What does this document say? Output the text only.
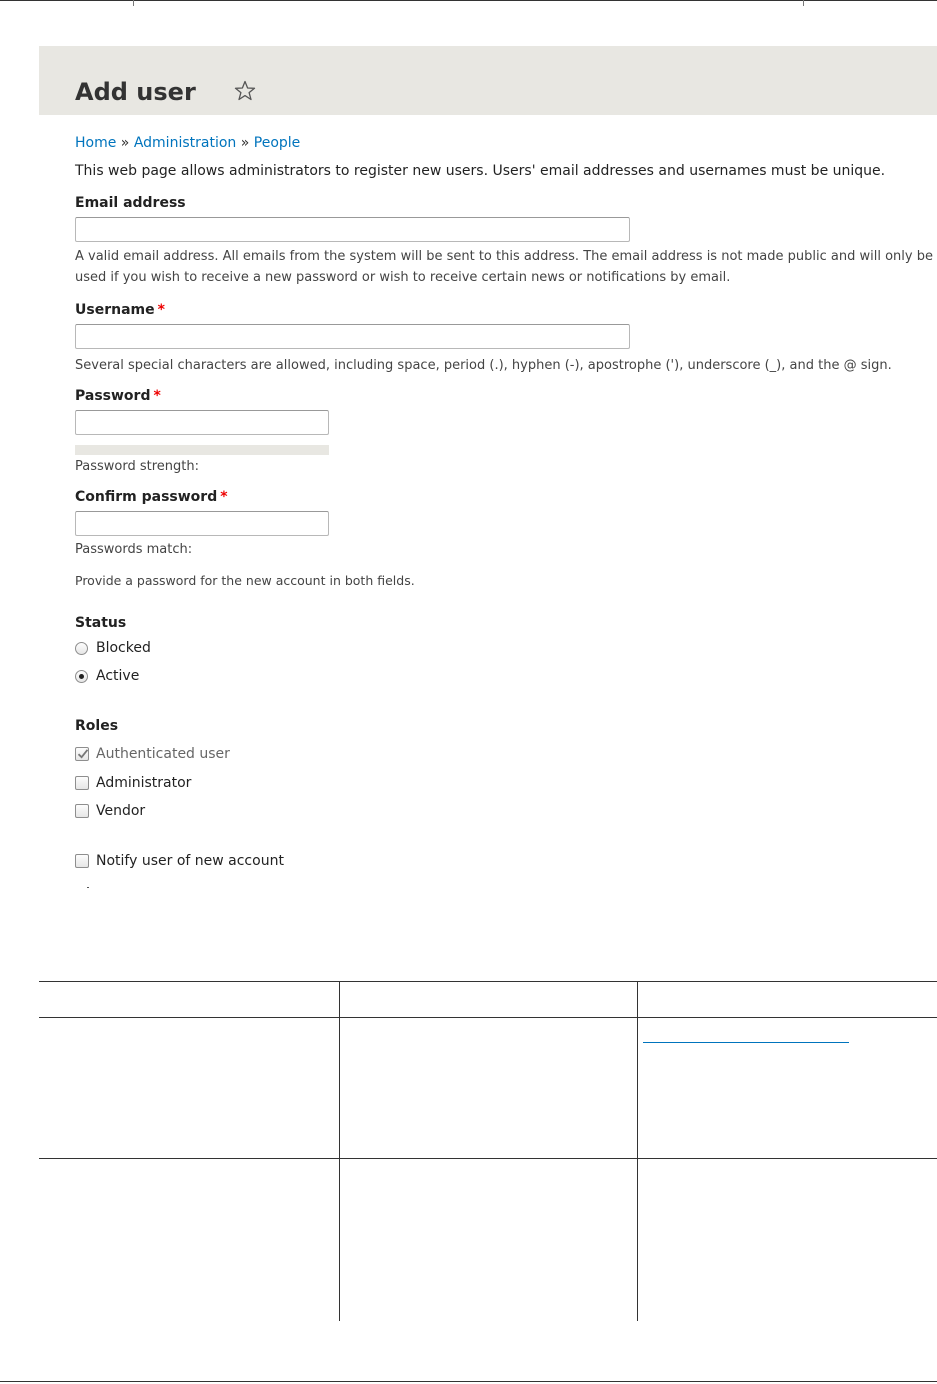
Add user
Home » Administration » People
This web page allows administrators to register new users. Users' email addresses and usernames must be unique.
Email address
A valid email address. All emails from the system will be sent to this address. The email address is not made public and will only be used if you wish to receive a new password or wish to receive certain news or notifications by email.
Username *
Several special characters are allowed, including space, period (.), hyphen (-), apostrophe ('), underscore (_), and the @ sign.
Password *
Password strength:
Confirm password *
Passwords match:
Provide a password for the new account in both fields.
Status
Blocked
Active
Roles
Authenticated user
Administrator
Vendor
Notify user of new account
